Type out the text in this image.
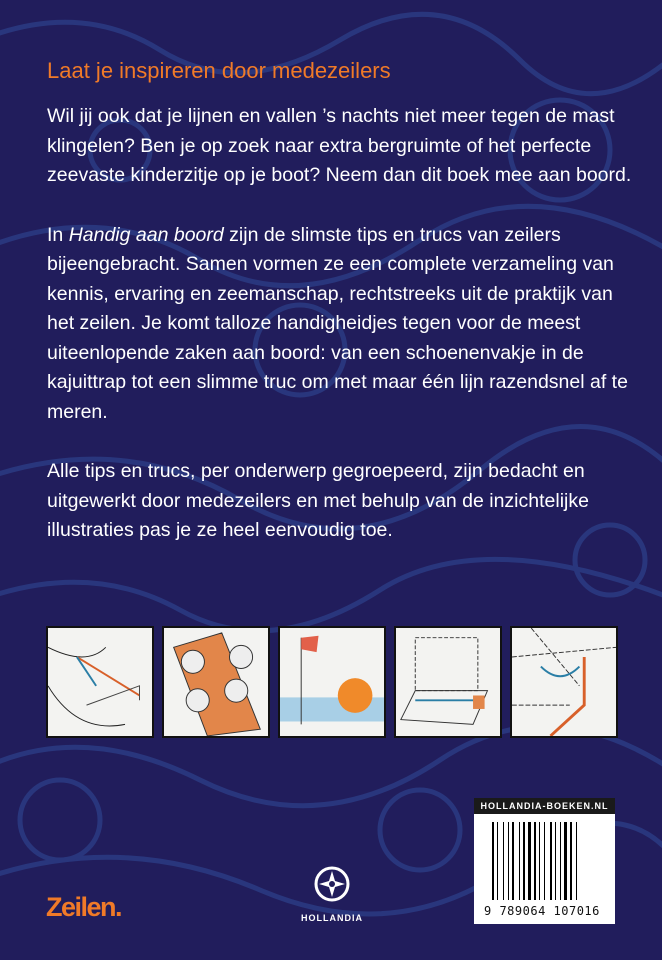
Laat je inspireren door medezeilers

Wil jij ook dat je lijnen en vallen ’s nachts niet meer tegen de mast klingelen? Ben je op zoek naar extra bergruimte of het perfecte zeevaste kinderzitje op je boot? Neem dan dit boek mee aan boord.

In Handig aan boord zijn de slimste tips en trucs van zeilers bijeengebracht. Samen vormen ze een complete verzameling van kennis, ervaring en zeemanschap, rechtstreeks uit de praktijk van het zeilen. Je komt talloze handigheidjes tegen voor de meest uiteenlopende zaken aan boord: van een schoenenvakje in de kajuittrap tot een slimme truc om met maar één lijn razendsnel af te meren.

Alle tips en trucs, per onderwerp gegroepeerd, zijn bedacht en uitgewerkt door medezeilers en met behulp van de inzichtelijke illustraties pas je ze heel eenvoudig toe.

Zeilen.	HOLLANDIA
HOLLANDIA-BOEKEN.NL
9 789064 107016
